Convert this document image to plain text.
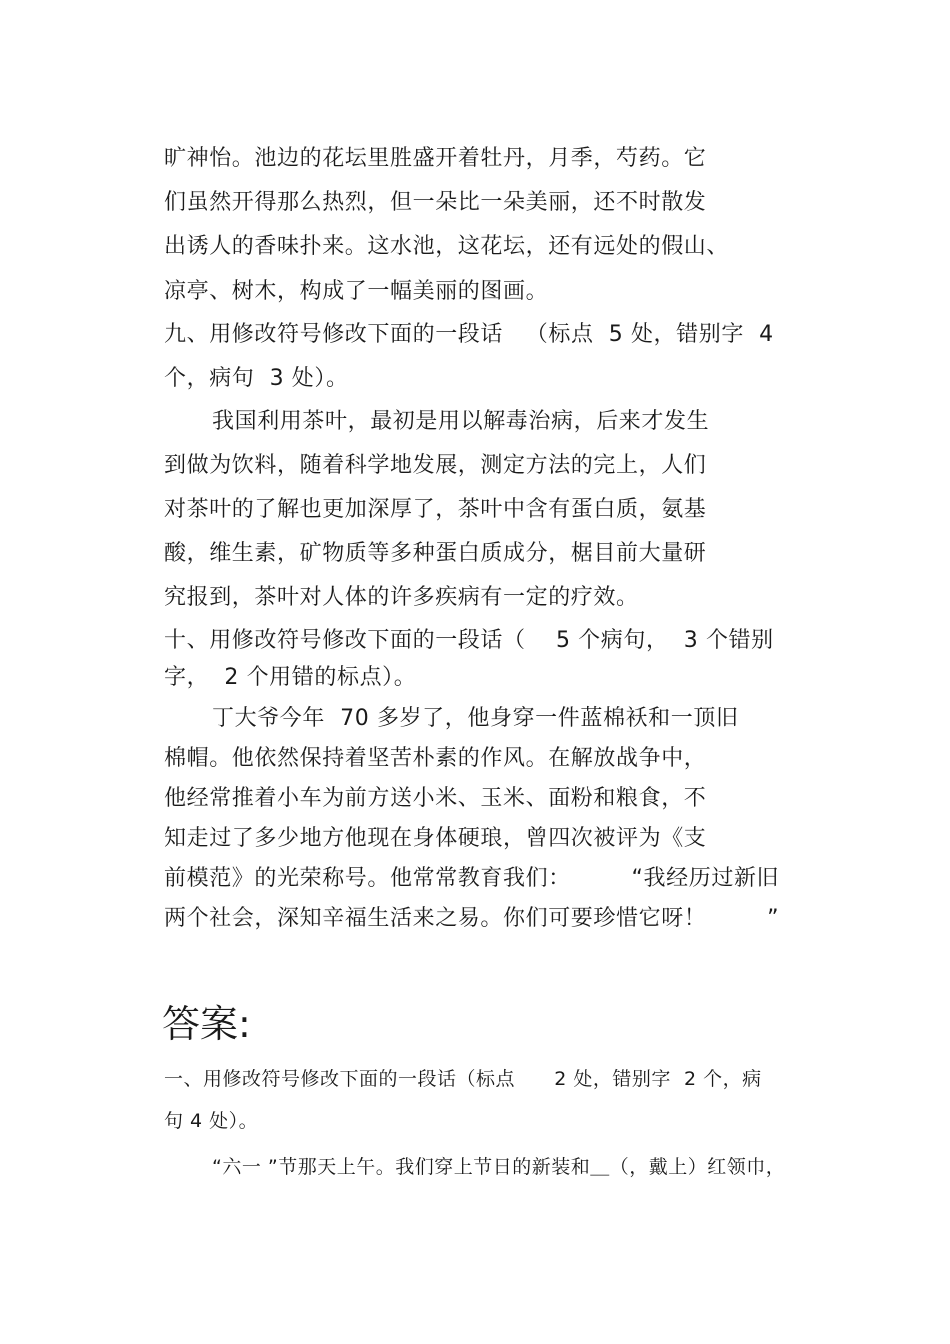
旷神怡。池边的花坛里胜盛开着牡丹，月季，芍药。它
们虽然开得那么热烈，但一朵比一朵美丽，还不时散发
出诱人的香味扑来。这水池，这花坛，还有远处的假山、
凉亭、树木，构成了一幅美丽的图画。
九、用修改符号修改下面的一段话   （标点  5 处，错别字  4
个，病句  3 处）。
我国利用茶叶，最初是用以解毒治病，后来才发生
到做为饮料，随着科学地发展，测定方法的完上，人们
对茶叶的了解也更加深厚了，茶叶中含有蛋白质，氨基
酸，维生素，矿物质等多种蛋白质成分，椐目前大量研
究报到，茶叶对人体的许多疾病有一定的疗效。
十、用修改符号修改下面的一段话（    5 个病句，  3 个错别
字，  2 个用错的标点）。
丁大爷今年  70 多岁了，他身穿一件蓝棉袄和一顶旧
棉帽。他依然保持着坚苦朴素的作风。在解放战争中，
他经常推着小车为前方送小米、玉米、面粉和粮食，不
知走过了多少地方他现在身体硬琅，曾四次被评为《支
前模范》的光荣称号。他常常教育我们：        “我经历过新旧
两个社会，深知辛福生活来之易。你们可要珍惜它呀！        ”
答案:
一、用修改符号修改下面的一段话（标点      2 处，错别字  2 个，病
句 4 处）。
“六一 ”节那天上午。我们穿上节日的新装和＿（，戴上）红领巾，
